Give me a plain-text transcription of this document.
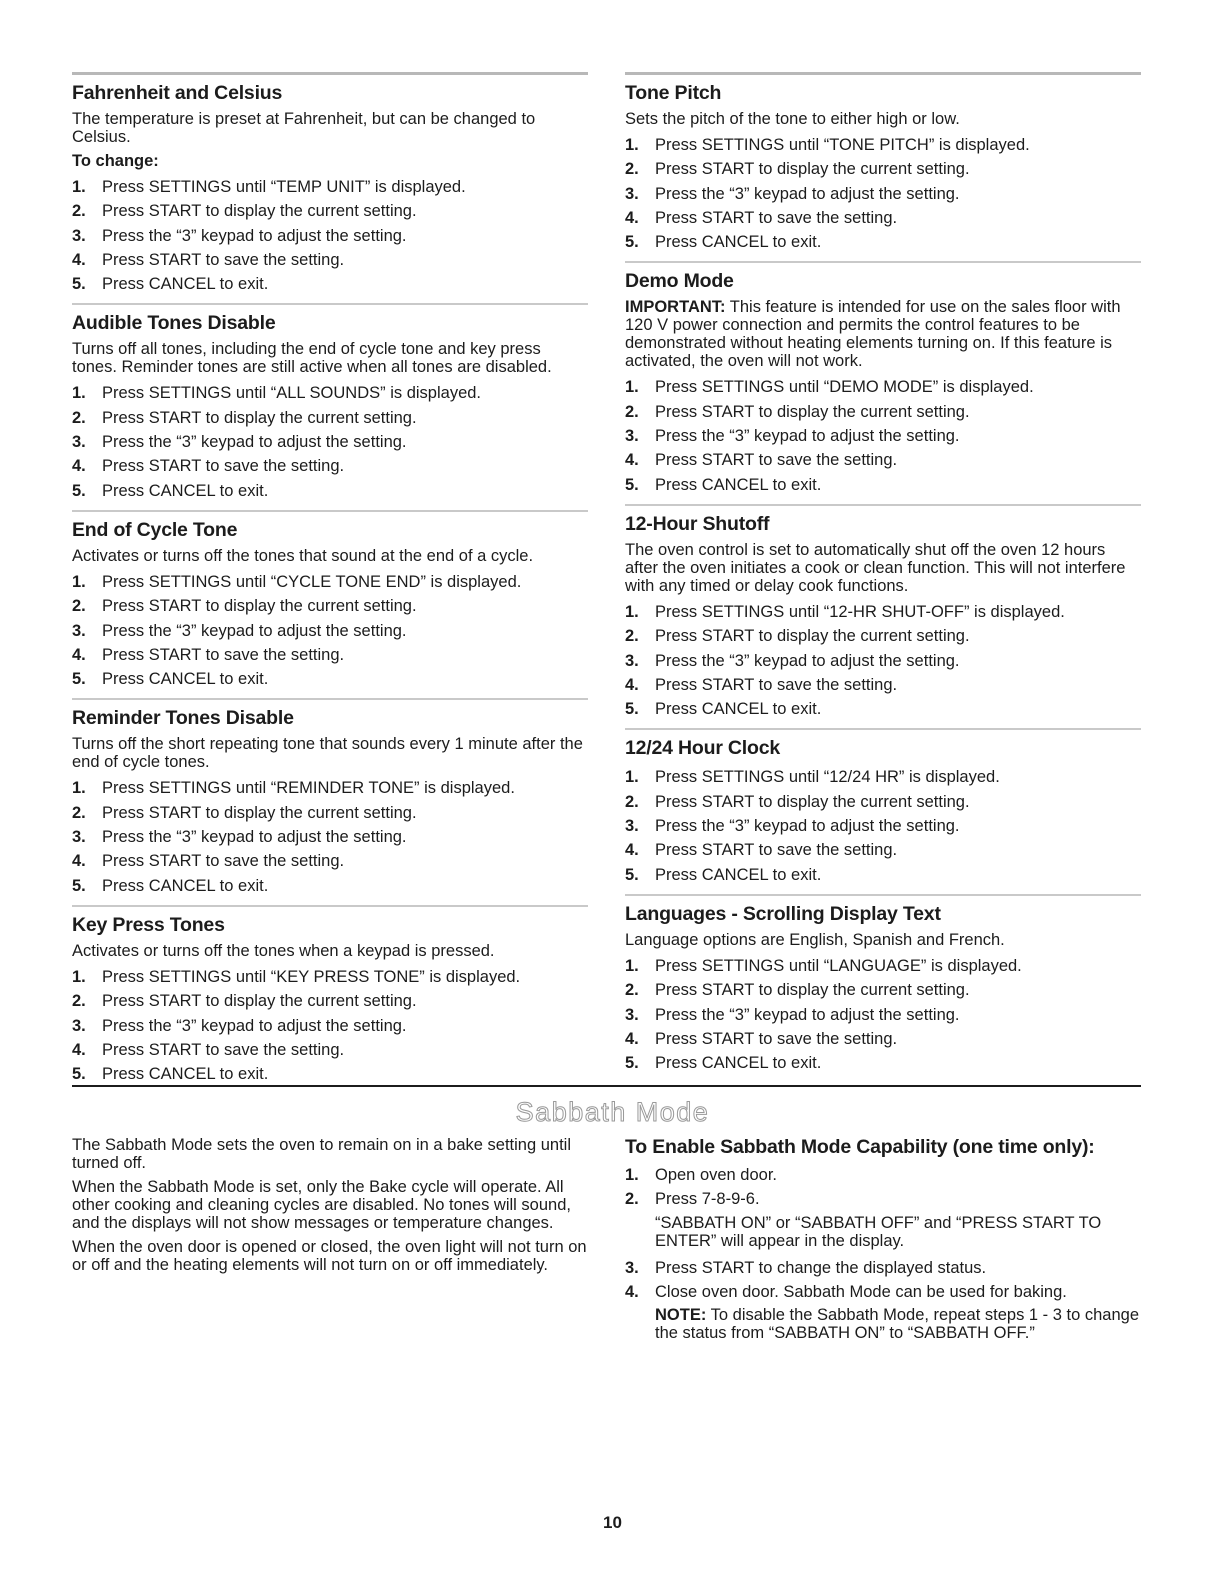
Fahrenheit and Celsius
The temperature is preset at Fahrenheit, but can be changed to Celsius.
To change:
1. Press SETTINGS until “TEMP UNIT” is displayed.
2. Press START to display the current setting.
3. Press the “3” keypad to adjust the setting.
4. Press START to save the setting.
5. Press CANCEL to exit.
Audible Tones Disable
Turns off all tones, including the end of cycle tone and key press tones. Reminder tones are still active when all tones are disabled.
1. Press SETTINGS until “ALL SOUNDS” is displayed.
2. Press START to display the current setting.
3. Press the “3” keypad to adjust the setting.
4. Press START to save the setting.
5. Press CANCEL to exit.
End of Cycle Tone
Activates or turns off the tones that sound at the end of a cycle.
1. Press SETTINGS until “CYCLE TONE END” is displayed.
2. Press START to display the current setting.
3. Press the “3” keypad to adjust the setting.
4. Press START to save the setting.
5. Press CANCEL to exit.
Reminder Tones Disable
Turns off the short repeating tone that sounds every 1 minute after the end of cycle tones.
1. Press SETTINGS until “REMINDER TONE” is displayed.
2. Press START to display the current setting.
3. Press the “3” keypad to adjust the setting.
4. Press START to save the setting.
5. Press CANCEL to exit.
Key Press Tones
Activates or turns off the tones when a keypad is pressed.
1. Press SETTINGS until “KEY PRESS TONE” is displayed.
2. Press START to display the current setting.
3. Press the “3” keypad to adjust the setting.
4. Press START to save the setting.
5. Press CANCEL to exit.
Tone Pitch
Sets the pitch of the tone to either high or low.
1. Press SETTINGS until “TONE PITCH” is displayed.
2. Press START to display the current setting.
3. Press the “3” keypad to adjust the setting.
4. Press START to save the setting.
5. Press CANCEL to exit.
Demo Mode
IMPORTANT: This feature is intended for use on the sales floor with 120 V power connection and permits the control features to be demonstrated without heating elements turning on. If this feature is activated, the oven will not work.
1. Press SETTINGS until “DEMO MODE” is displayed.
2. Press START to display the current setting.
3. Press the “3” keypad to adjust the setting.
4. Press START to save the setting.
5. Press CANCEL to exit.
12-Hour Shutoff
The oven control is set to automatically shut off the oven 12 hours after the oven initiates a cook or clean function. This will not interfere with any timed or delay cook functions.
1. Press SETTINGS until “12-HR SHUT-OFF” is displayed.
2. Press START to display the current setting.
3. Press the “3” keypad to adjust the setting.
4. Press START to save the setting.
5. Press CANCEL to exit.
12/24 Hour Clock
1. Press SETTINGS until “12/24 HR” is displayed.
2. Press START to display the current setting.
3. Press the “3” keypad to adjust the setting.
4. Press START to save the setting.
5. Press CANCEL to exit.
Languages - Scrolling Display Text
Language options are English, Spanish and French.
1. Press SETTINGS until “LANGUAGE” is displayed.
2. Press START to display the current setting.
3. Press the “3” keypad to adjust the setting.
4. Press START to save the setting.
5. Press CANCEL to exit.
Sabbath Mode
The Sabbath Mode sets the oven to remain on in a bake setting until turned off.
When the Sabbath Mode is set, only the Bake cycle will operate. All other cooking and cleaning cycles are disabled. No tones will sound, and the displays will not show messages or temperature changes.
When the oven door is opened or closed, the oven light will not turn on or off and the heating elements will not turn on or off immediately.
To Enable Sabbath Mode Capability (one time only):
1. Open oven door.
2. Press 7-8-9-6.
“SABBATH ON” or “SABBATH OFF” and “PRESS START TO ENTER” will appear in the display.
3. Press START to change the displayed status.
4. Close oven door. Sabbath Mode can be used for baking.
NOTE: To disable the Sabbath Mode, repeat steps 1 - 3 to change the status from “SABBATH ON” to “SABBATH OFF.”
10
